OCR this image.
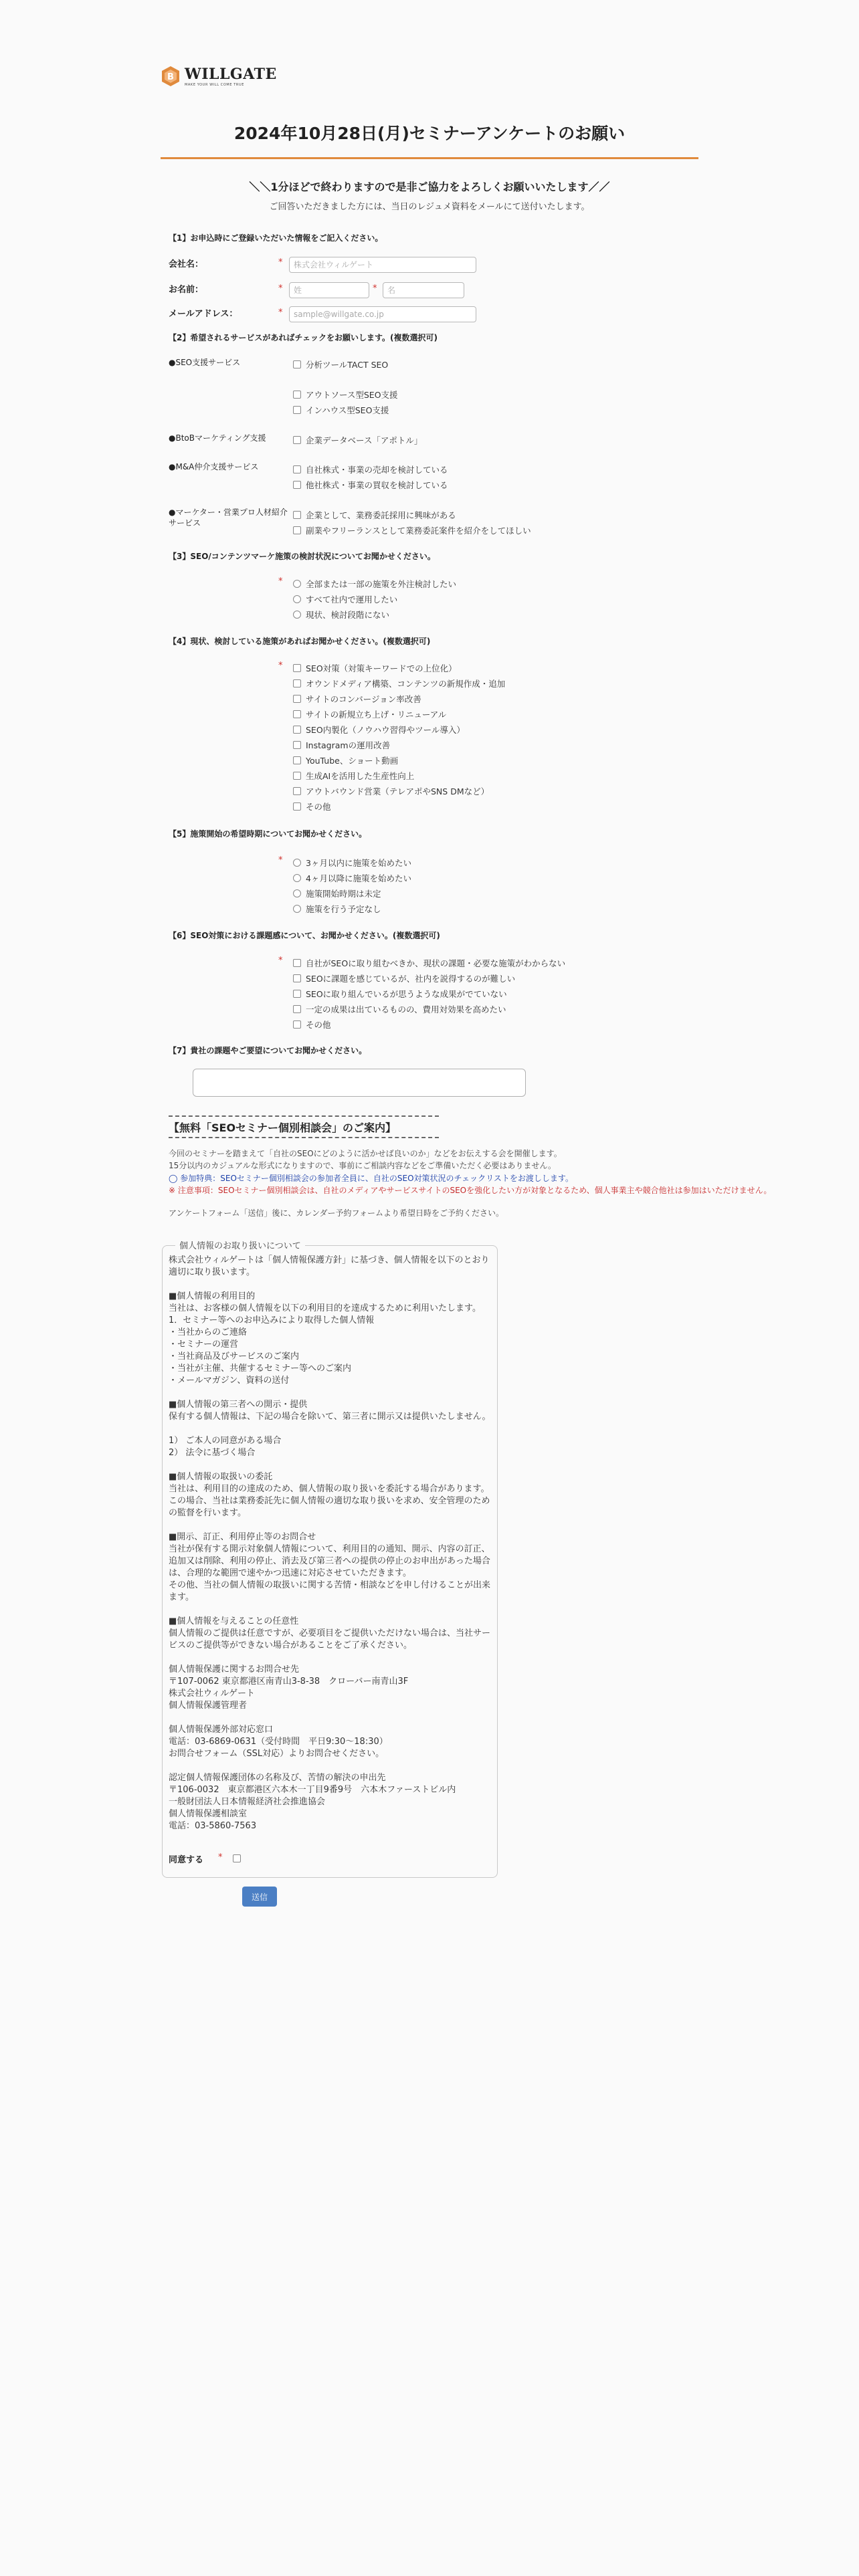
B WILLGATE
MAKE YOUR WILL COME TRUE
2024年10月28日(月)セミナーアンケートのお願い
＼＼1分ほどで終わりますので是非ご協力をよろしくお願いいたします／／
ご回答いただきました方には、当日のレジュメ資料をメールにて送付いたします。
【1】お申込時にご登録いただいた情報をご記入ください。
会社名：	*
株式会社ウィルゲート
お名前：	*
姓	*
名
メールアドレス：	*
sample@willgate.co.jp
【2】希望されるサービスがあればチェックをお願いします。(複数選択可)
●SEO支援サービス	分析ツールTACT SEO
アウトソース型SEO支援
インハウス型SEO支援
●BtoBマーケティング支援	企業データベース「アポトル」
●M&A仲介支援サービス	自社株式・事業の売却を検討している
他社株式・事業の買収を検討している
●マーケター・営業プロ人材紹介サービス
企業として、業務委託採用に興味がある
副業やフリーランスとして業務委託案件を紹介をしてほしい
【3】SEO/コンテンツマーケ施策の検討状況についてお聞かせください。
*	全部または一部の施策を外注検討したい
すべて社内で運用したい
現状、検討段階にない
【4】現状、検討している施策があればお聞かせください。(複数選択可)
*	SEO対策（対策キーワードでの上位化）
オウンドメディア構築、コンテンツの新規作成・追加
サイトのコンバージョン率改善
サイトの新規立ち上げ・リニューアル
SEO内製化（ノウハウ習得やツール導入）
Instagramの運用改善
YouTube、ショート動画
生成AIを活用した生産性向上
アウトバウンド営業（テレアポやSNS DMなど）
その他
【5】施策開始の希望時期についてお聞かせください。
*	3ヶ月以内に施策を始めたい
4ヶ月以降に施策を始めたい
施策開始時期は未定
施策を行う予定なし
【6】SEO対策における課題感について、お聞かせください。(複数選択可)
*	自社がSEOに取り組むべきか、現状の課題・必要な施策がわからない
SEOに課題を感じているが、社内を説得するのが難しい
SEOに取り組んでいるが思うような成果がでていない
一定の成果は出ているものの、費用対効果を高めたい
その他
【7】貴社の課題やご要望についてお聞かせください。
【無料「SEOセミナー個別相談会」のご案内】
今回のセミナーを踏まえて「自社のSEOにどのように活かせば良いのか」などをお伝えする会を開催します。
15分以内のカジュアルな形式になりますので、事前にご相談内容などをご準備いただく必要はありません。
◯ 参加特典：SEOセミナー個別相談会の参加者全員に、自社のSEO対策状況のチェックリストをお渡しします。
※ 注意事項：SEOセミナー個別相談会は、自社のメディアやサービスサイトのSEOを強化したい方が対象となるため、個人事業主や競合他社は参加はいただけません。
アンケートフォーム「送信」後に、カレンダー予約フォームより希望日時をご予約ください。
個人情報のお取り扱いについて
株式会社ウィルゲートは「個人情報保護方針」に基づき、個人情報を以下のとおり適切に取り扱います。

■個人情報の利用目的
当社は、お客様の個人情報を以下の利用目的を達成するために利用いたします。
1．セミナー等へのお申込みにより取得した個人情報
・当社からのご連絡
・セミナーの運営
・当社商品及びサービスのご案内
・当社が主催、共催するセミナー等へのご案内
・メールマガジン、資料の送付

■個人情報の第三者への開示・提供
保有する個人情報は、下記の場合を除いて、第三者に開示又は提供いたしません。

1） ご本人の同意がある場合
2） 法令に基づく場合

■個人情報の取扱いの委託
当社は、利用目的の達成のため、個人情報の取り扱いを委託する場合があります。この場合、当社は業務委託先に個人情報の適切な取り扱いを求め、安全管理のための監督を行います。

■開示、訂正、利用停止等のお問合せ
当社が保有する開示対象個人情報について、利用目的の通知、開示、内容の訂正、追加又は削除、利用の停止、消去及び第三者への提供の停止のお申出があった場合は、合理的な範囲で速やかつ迅速に対応させていただきます。
その他、当社の個人情報の取扱いに関する苦情・相談などを申し付けることが出来ます。

■個人情報を与えることの任意性
個人情報のご提供は任意ですが、必要項目をご提供いただけない場合は、当社サービスのご提供等ができない場合があることをご了承ください。

個人情報保護に関するお問合せ先
〒107-0062 東京都港区南青山3-8-38　クローバー南青山3F
株式会社ウィルゲート
個人情報保護管理者

個人情報保護外部対応窓口
電話：03-6869-0631（受付時間　平日9:30〜18:30）
お問合せフォーム（SSL対応）よりお問合せください。

認定個人情報保護団体の名称及び、苦情の解決の申出先
〒106-0032　東京都港区六本木一丁目9番9号　六本木ファーストビル内
一般財団法人日本情報経済社会推進協会
個人情報保護相談室
電話：03-5860-7563
同意する *
送信
